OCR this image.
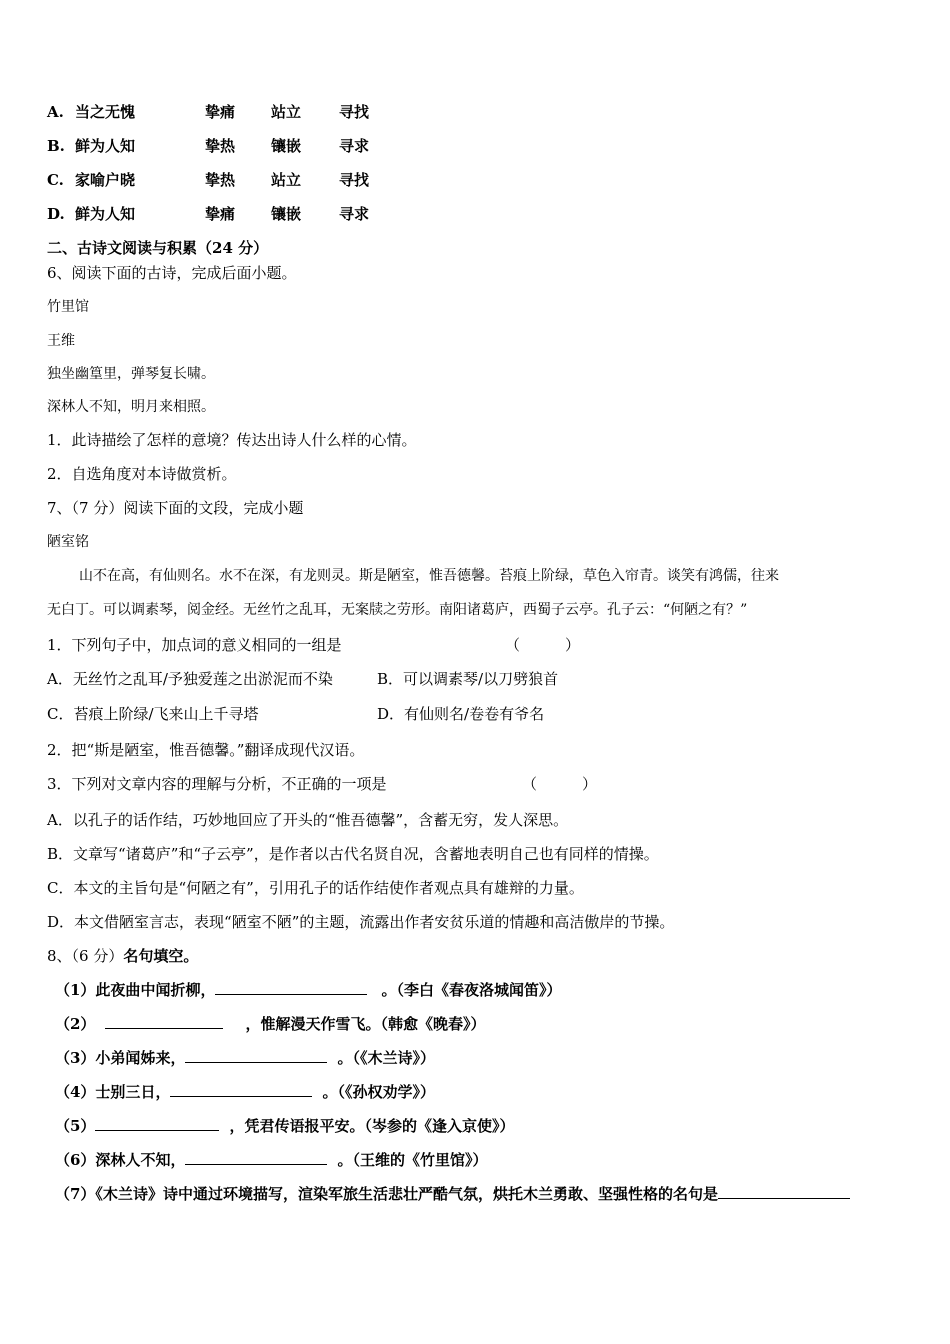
A. 当之无愧	挚痛 站立	寻找
B. 鲜为人知	挚热 镶嵌	寻求
C. 家喻户晓	挚热 站立	寻找
D. 鲜为人知	挚痛 镶嵌	寻求
二、古诗文阅读与积累（24 分）
6、阅读下面的古诗，完成后面小题。
竹里馆
王维
独坐幽篁里，弹琴复长啸。
深林人不知，明月来相照。
1．此诗描绘了怎样的意境？传达出诗人什么样的心情。
2．自选角度对本诗做赏析。
7、（7 分）阅读下面的文段，完成小题
陋室铭
山不在高，有仙则名。水不在深，有龙则灵。斯是陋室，惟吾德馨。苔痕上阶绿，草色入帘青。谈笑有鸿儒，往来
无白丁。可以调素琴，阅金经。无丝竹之乱耳，无案牍之劳形。南阳诸葛庐，西蜀子云亭。孔子云：“何陋之有？”
1．下列句子中，加点词的意义相同的一组是	（　　　）
A．无丝竹之乱耳/予独爱莲之出淤泥而不染	B．可以调素琴/以刀劈狼首
C．苔痕上阶绿/飞来山上千寻塔	D．有仙则名/卷卷有爷名
2．把“斯是陋室，惟吾德馨。”翻译成现代汉语。
3．下列对文章内容的理解与分析，不正确的一项是	（　　　）
A．以孔子的话作结，巧妙地回应了开头的“惟吾德馨”，含蓄无穷，发人深思。
B．文章写“诸葛庐”和“子云亭”，是作者以古代名贤自况，含蓄地表明自己也有同样的情操。
C．本文的主旨句是“何陋之有”，引用孔子的话作结使作者观点具有雄辩的力量。
D．本文借陋室言志，表现“陋室不陋”的主题，流露出作者安贫乐道的情趣和高洁傲岸的节操。
8、（6 分）名句填空。
（1）此夜曲中闻折柳，	。（李白《春夜洛城闻笛》）
（2）	，惟解漫天作雪飞。（韩愈《晚春》）
（3）小弟闻姊来，	。（《木兰诗》）
（4）士别三日，	。（《孙权劝学》）
（5）	，凭君传语报平安。（岑参的《逢入京使》）
（6）深林人不知，	。（王维的《竹里馆》）
（7）《木兰诗》诗中通过环境描写，渲染军旅生活悲壮严酷气氛，烘托木兰勇敢、坚强性格的名句是
